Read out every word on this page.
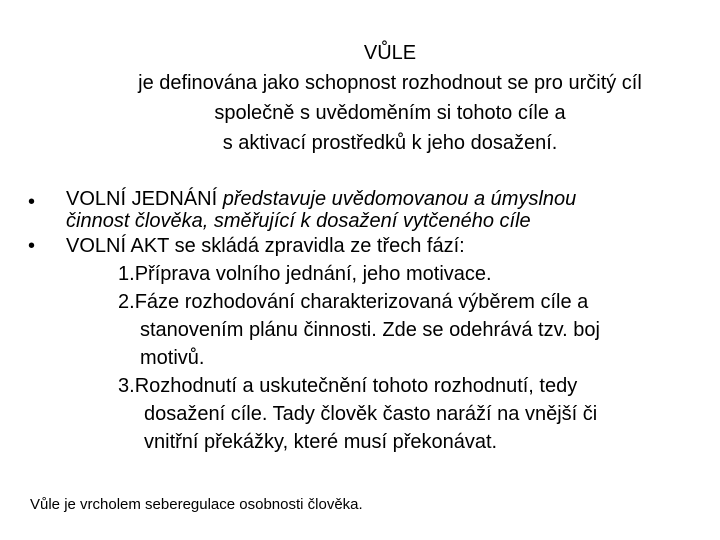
VŮLE
je definována jako schopnost rozhodnout se pro určitý cíl
společně s uvědoměním si tohoto cíle a
s aktivací prostředků k jeho dosažení.
•	VOLNÍ JEDNÁNÍ představuje uvědomovanou a úmyslnou
činnost člověka, směřující k dosažení vytčeného cíle
•	VOLNÍ AKT se skládá zpravidla ze třech fází:
1.Příprava volního jednání, jeho motivace.
2.Fáze rozhodování charakterizovaná výběrem cíle a
stanovením plánu činnosti. Zde se odehrává tzv. boj
motivů.
3.Rozhodnutí a uskutečnění tohoto rozhodnutí, tedy
dosažení cíle. Tady člověk často naráží na vnější či
vnitřní překážky, které musí překonávat.
Vůle je vrcholem seberegulace osobnosti člověka.
